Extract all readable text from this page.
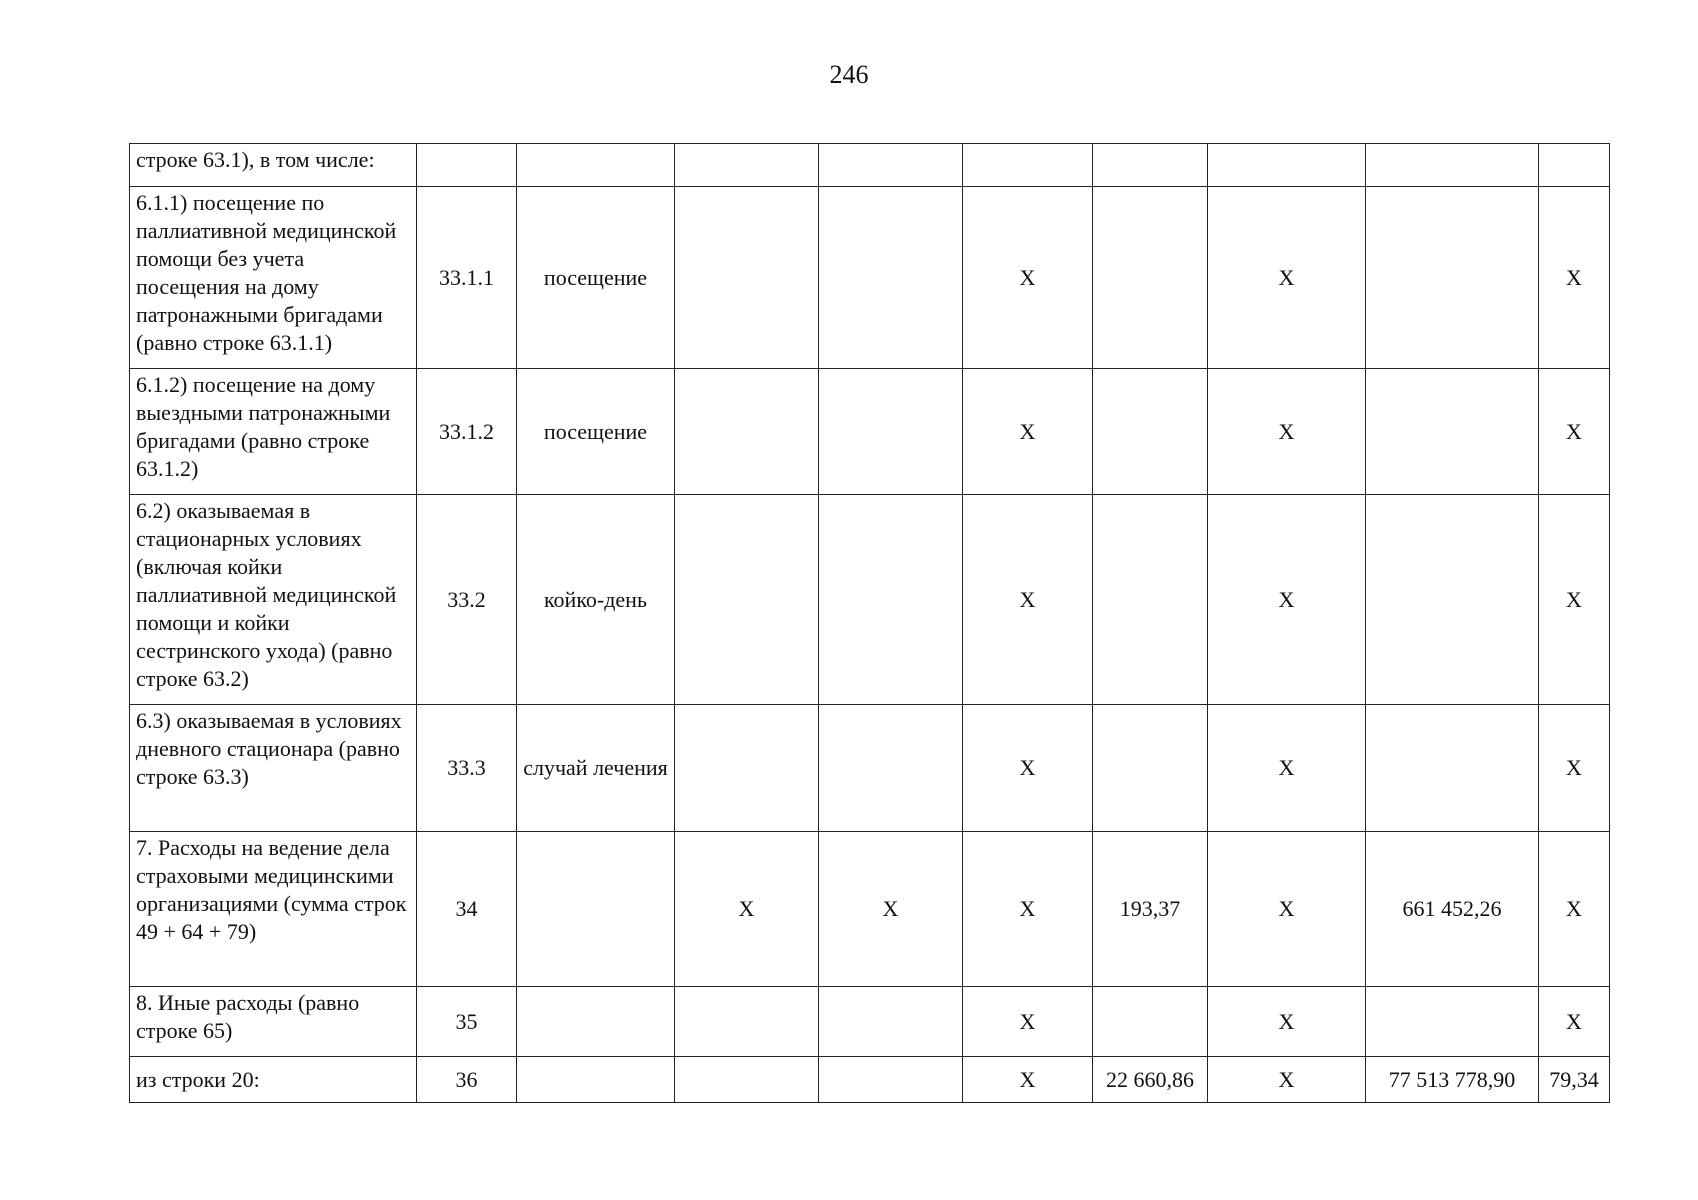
246
строке 63.1), в том числе:									
6.1.1) посещение по паллиативной медицинской помощи без учета посещения на дому патронажными бригадами (равно строке 63.1.1)	33.1.1	посещение			X		X		X
6.1.2) посещение на дому выездными патронажными бригадами (равно строке 63.1.2)	33.1.2	посещение			X		X		X
6.2) оказываемая в стационарных условиях (включая койки паллиативной медицинской помощи и койки сестринского ухода) (равно строке 63.2)	33.2	койко-день			X		X		X
6.3) оказываемая в условиях дневного стационара (равно строке 63.3)	33.3	случай лечения			X		X		X
7. Расходы на ведение дела страховыми медицинскими организациями (сумма строк 49 + 64 + 79)	34		X	X	X	193,37	X	661 452,26	X
8. Иные расходы (равно строке 65)	35				X		X		X
из строки 20:	36				X	22 660,86	X	77 513 778,90	79,34
